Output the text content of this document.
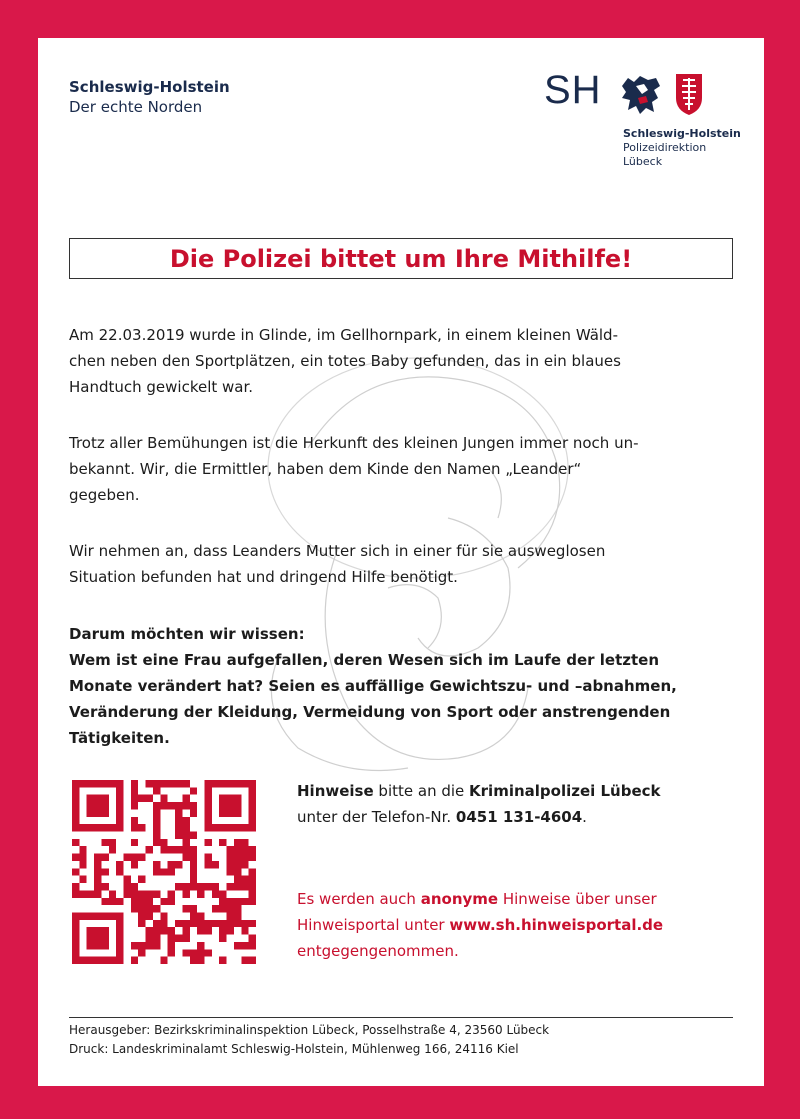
Schleswig-Holstein
Der echte Norden	SH
Schleswig-Holstein
Polizeidirektion
Lübeck
Die Polizei bittet um Ihre Mithilfe!
Am 22.03.2019 wurde in Glinde, im Gellhornpark, in einem kleinen Wäld-
chen neben den Sportplätzen, ein totes Baby gefunden, das in ein blaues
Handtuch gewickelt war.
Trotz aller Bemühungen ist die Herkunft des kleinen Jungen immer noch un-
bekannt. Wir, die Ermittler, haben dem Kinde den Namen „Leander“
gegeben.
Wir nehmen an, dass Leanders Mutter sich in einer für sie ausweglosen
Situation befunden hat und dringend Hilfe benötigt.
Darum möchten wir wissen:
Wem ist eine Frau aufgefallen, deren Wesen sich im Laufe der letzten
Monate verändert hat? Seien es auffällige Gewichtszu- und –abnahmen,
Veränderung der Kleidung, Vermeidung von Sport oder anstrengenden
Tätigkeiten.
Hinweise bitte an die Kriminalpolizei Lübeck
unter der Telefon-Nr. 0451 131-4604.
Es werden auch anonyme Hinweise über unser
Hinweisportal unter www.sh.hinweisportal.de
entgegengenommen.
Herausgeber: Bezirkskriminalinspektion Lübeck, Posselhstraße 4, 23560 Lübeck
Druck: Landeskriminalamt Schleswig-Holstein, Mühlenweg 166, 24116 Kiel
